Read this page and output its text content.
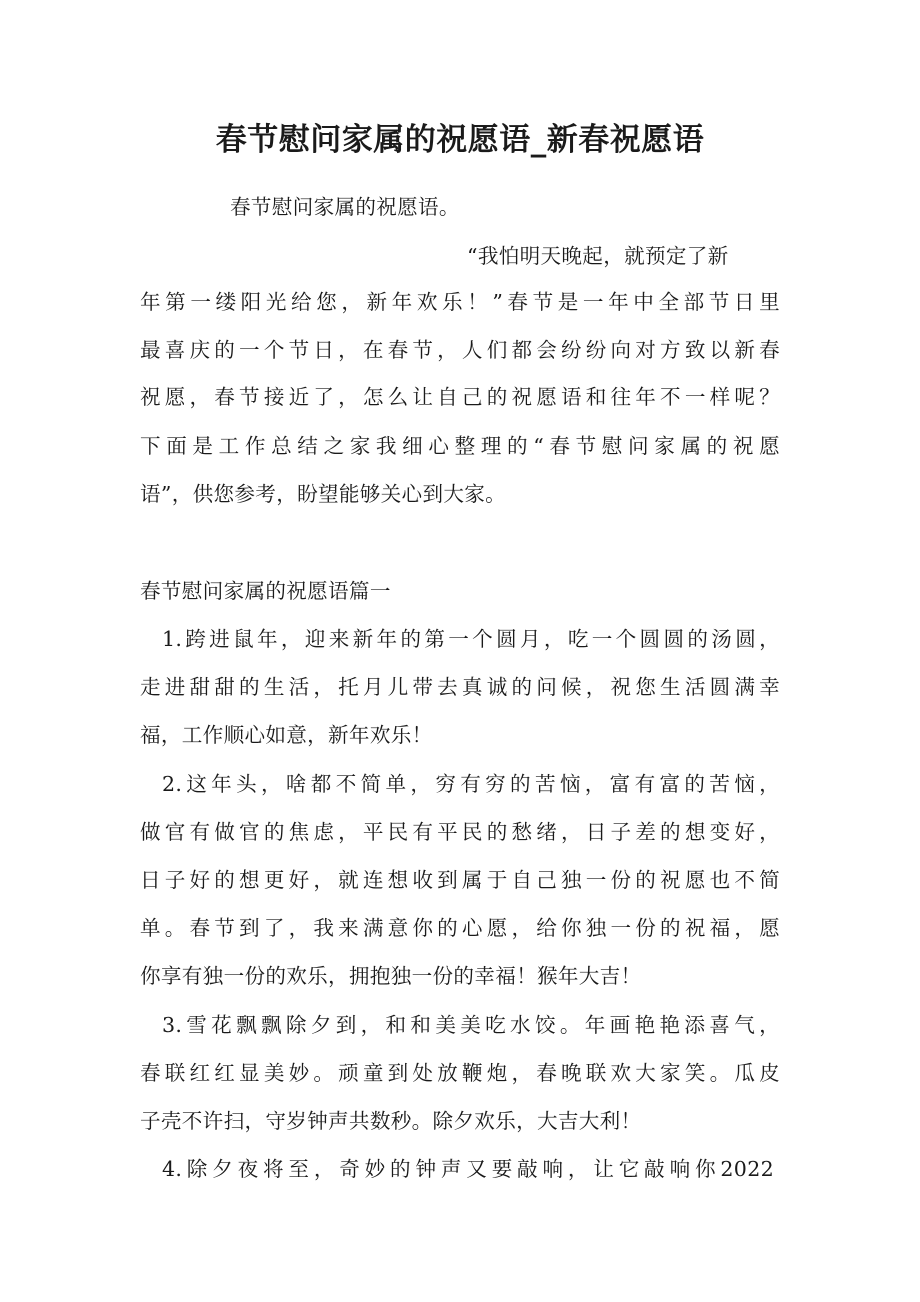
春节慰问家属的祝愿语_新春祝愿语
春节慰问家属的祝愿语。
“我怕明天晚起，就预定了新
年第一缕阳光给您，新年欢乐！”春节是一年中全部节日里
最喜庆的一个节日，在春节，人们都会纷纷向对方致以新春
祝愿，春节接近了，怎么让自己的祝愿语和往年不一样呢？
下面是工作总结之家我细心整理的“春节慰问家属的祝愿
语”，供您参考，盼望能够关心到大家。
春节慰问家属的祝愿语篇一
1.跨进鼠年，迎来新年的第一个圆月，吃一个圆圆的汤圆，
走进甜甜的生活，托月儿带去真诚的问候，祝您生活圆满幸
福，工作顺心如意，新年欢乐！
2.这年头，啥都不简单，穷有穷的苦恼，富有富的苦恼，
做官有做官的焦虑，平民有平民的愁绪，日子差的想变好，
日子好的想更好，就连想收到属于自己独一份的祝愿也不简
单。春节到了，我来满意你的心愿，给你独一份的祝福，愿
你享有独一份的欢乐，拥抱独一份的幸福！猴年大吉！
3.雪花飘飘除夕到，和和美美吃水饺。年画艳艳添喜气，
春联红红显美妙。顽童到处放鞭炮，春晚联欢大家笑。瓜皮
子壳不许扫，守岁钟声共数秒。除夕欢乐，大吉大利！
4.除夕夜将至，奇妙的钟声又要敲响，让它敲响你2022
